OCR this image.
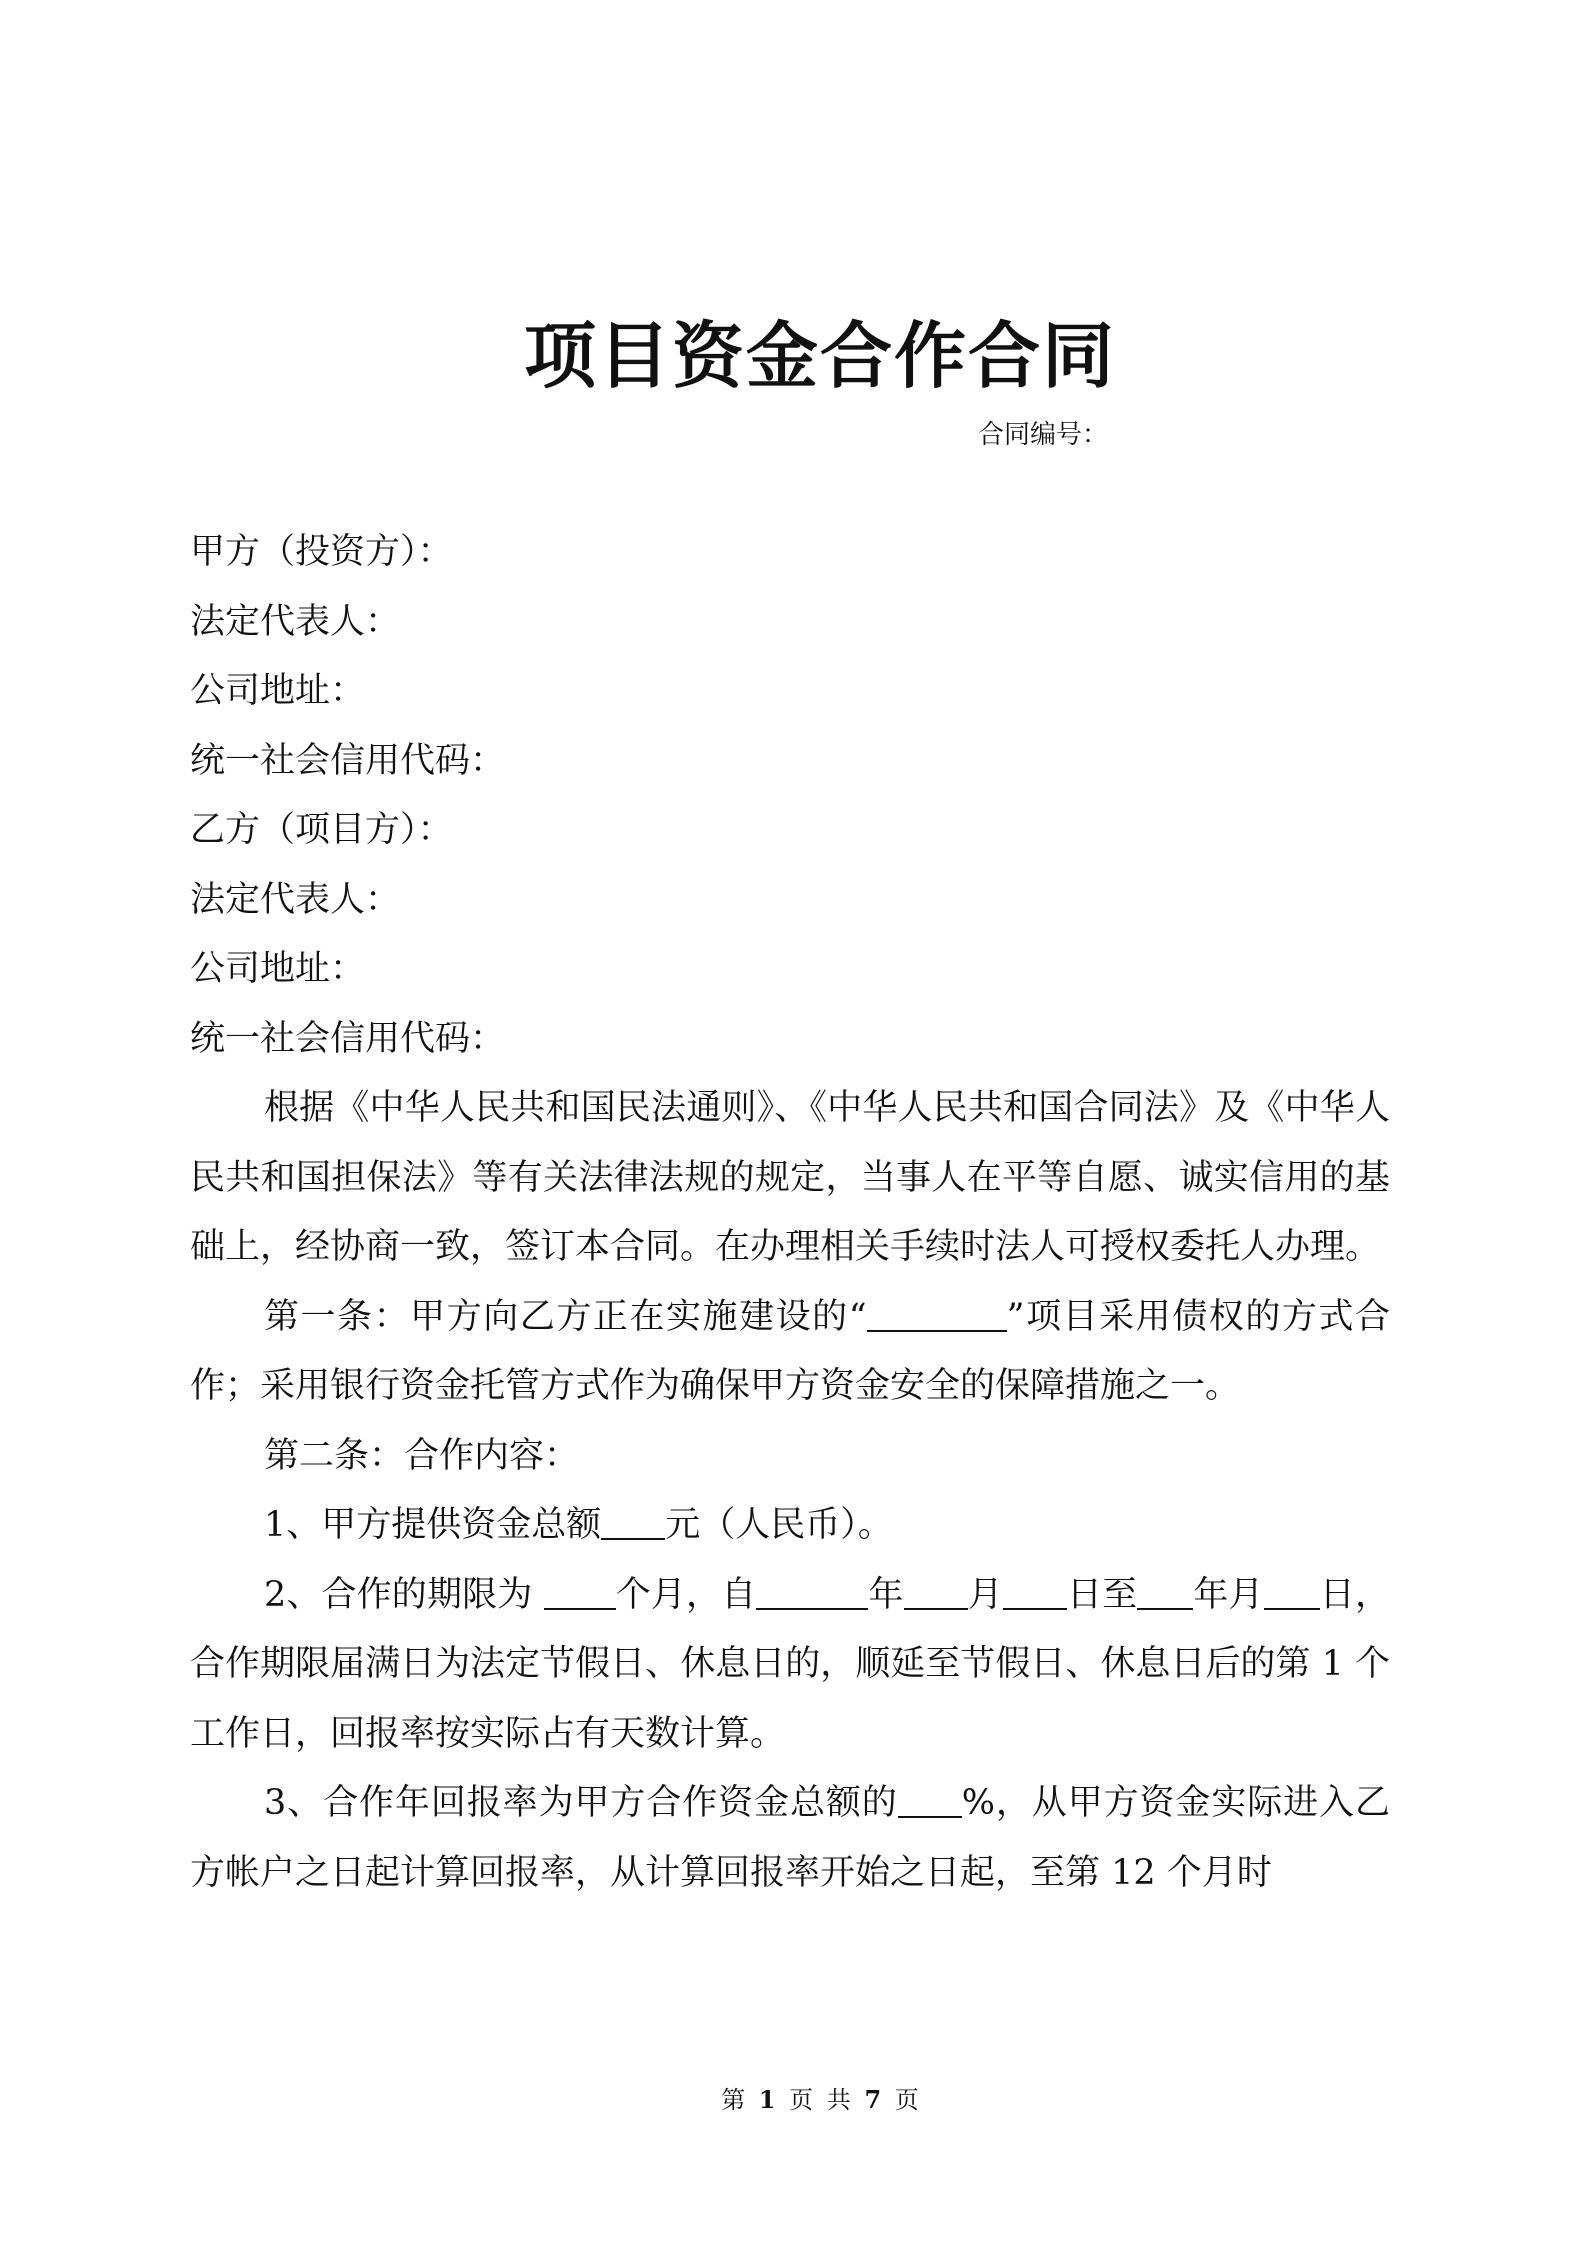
项目资金合作合同

合同编号：

甲方（投资方）：
法定代表人：
公司地址：
统一社会信用代码：
乙方（项目方）：
法定代表人：
公司地址：
统一社会信用代码：

根据《中华人民共和国民法通则》、《中华人民共和国合同法》及《中华人民共和国担保法》等有关法律法规的规定，当事人在平等自愿、诚实信用的基础上，经协商一致，签订本合同。在办理相关手续时法人可授权委托人办理。

第一条：甲方向乙方正在实施建设的“	”项目采用债权的方式合作；采用银行资金托管方式作为确保甲方资金安全的保障措施之一。

第二条：合作内容：

1、甲方提供资金总额 元（人民币）。

2、合作的期限为 个月，自	年 月 日至 年月 日，合作期限届满日为法定节假日、休息日的，顺延至节假日、休息日后的第 1 个工作日，回报率按实际占有天数计算。

3、合作年回报率为甲方合作资金总额的 %，从甲方资金实际进入乙方帐户之日起计算回报率，从计算回报率开始之日起，至第 12 个月时

第 1 页 共 7 页
